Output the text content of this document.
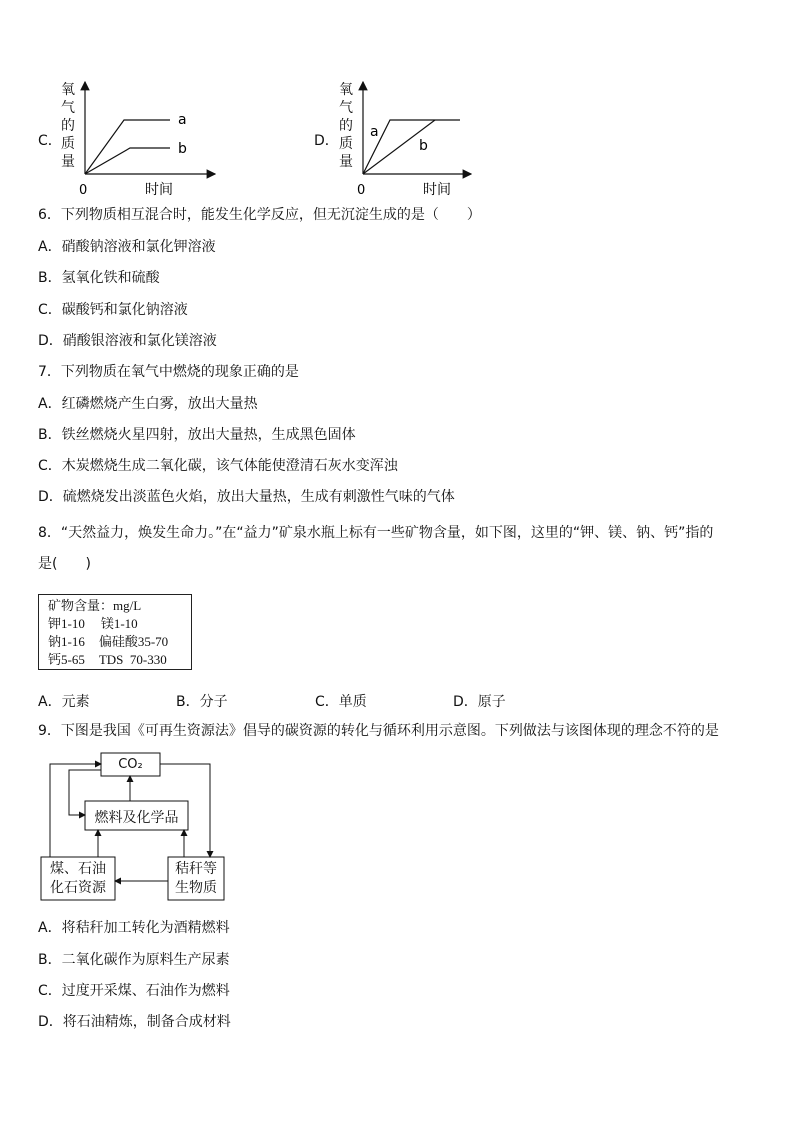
C．
氧
气
的
质
量
a
b
0	时间
D．
氧
气
的
质
量
a
b
0	时间
6．下列物质相互混合时，能发生化学反应，但无沉淀生成的是（　　）
A．硝酸钠溶液和氯化钾溶液
B．氢氧化铁和硫酸
C．碳酸钙和氯化钠溶液
D．硝酸银溶液和氯化镁溶液
7．下列物质在氧气中燃烧的现象正确的是
A．红磷燃烧产生白雾，放出大量热
B．铁丝燃烧火星四射，放出大量热，生成黑色固体
C．木炭燃烧生成二氧化碳，该气体能使澄清石灰水变浑浊
D．硫燃烧发出淡蓝色火焰，放出大量热，生成有刺激性气味的气体
8．“天然益力，焕发生命力。”在“益力”矿泉水瓶上标有一些矿物含量，如下图，这里的“钾、镁、钠、钙”指的
是(　　)
矿物含量：mg/L
钾1-10 镁1-10
钠1-16 偏硅酸35-70
钙5-65 TDS  70-330
A．元素	B．分子	C．单质	D．原子
9．下图是我国《可再生资源法》倡导的碳资源的转化与循环利用示意图。下列做法与该图体现的理念不符的是
CO₂
燃料及化学品
煤、石油
化石资源
秸秆等
生物质
A．将秸秆加工转化为酒精燃料
B．二氧化碳作为原料生产尿素
C．过度开采煤、石油作为燃料
D．将石油精炼，制备合成材料
